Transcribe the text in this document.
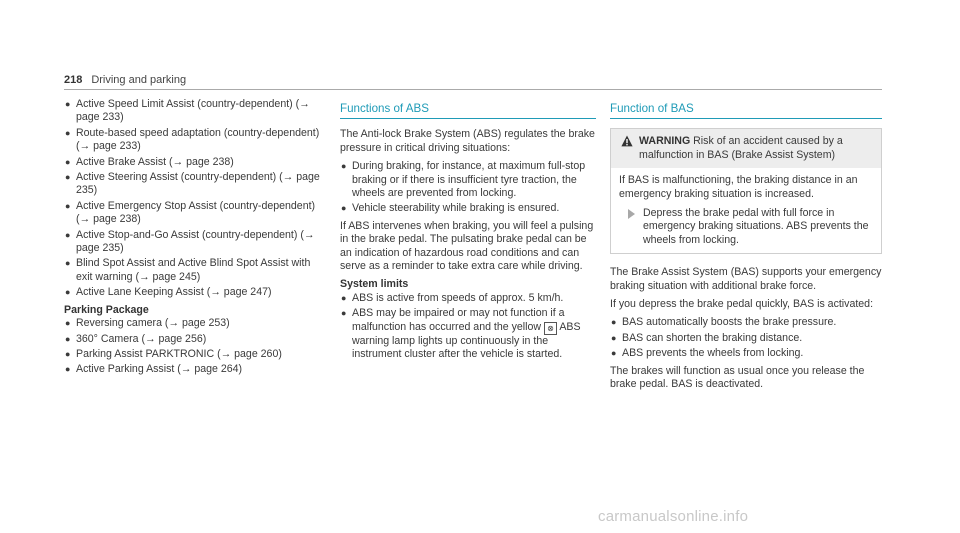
218 Driving and parking
● Active Speed Limit Assist (country-dependent) (→ page 233)
● Route-based speed adaptation (country-dependent) (→ page 233)
● Active Brake Assist (→ page 238)
● Active Steering Assist (country-dependent) (→ page 235)
● Active Emergency Stop Assist (country-dependent) (→ page 238)
● Active Stop-and-Go Assist (country-dependent) (→ page 235)
● Blind Spot Assist and Active Blind Spot Assist with exit warning (→ page 245)
● Active Lane Keeping Assist (→ page 247)
Parking Package
● Reversing camera (→ page 253)
● 360° Camera (→ page 256)
● Parking Assist PARKTRONIC (→ page 260)
● Active Parking Assist (→ page 264)
Functions of ABS

The Anti-lock Brake System (ABS) regulates the brake pressure in critical driving situations:

● During braking, for instance, at maximum full-stop braking or if there is insufficient tyre traction, the wheels are prevented from locking.
● Vehicle steerability while braking is ensured.

If ABS intervenes when braking, you will feel a pulsing in the brake pedal. The pulsating brake pedal can be an indication of hazardous road conditions and can serve as a reminder to take extra care while driving.

System limits
● ABS is active from speeds of approx. 5 km/h.
● ABS may be impaired or may not function if a malfunction has occurred and the yellow ⊗ ABS warning lamp lights up continuously in the instrument cluster after the vehicle is started.
Function of BAS
WARNING Risk of an accident caused by a malfunction in BAS (Brake Assist System)

If BAS is malfunctioning, the braking distance in an emergency braking situation is increased.

Depress the brake pedal with full force in emergency braking situations. ABS prevents the wheels from locking.

The Brake Assist System (BAS) supports your emergency braking situation with additional brake force.

If you depress the brake pedal quickly, BAS is activated:

● BAS automatically boosts the brake pressure.
● BAS can shorten the braking distance.
● ABS prevents the wheels from locking.

The brakes will function as usual once you release the brake pedal. BAS is deactivated.

carmanualsonline.info
